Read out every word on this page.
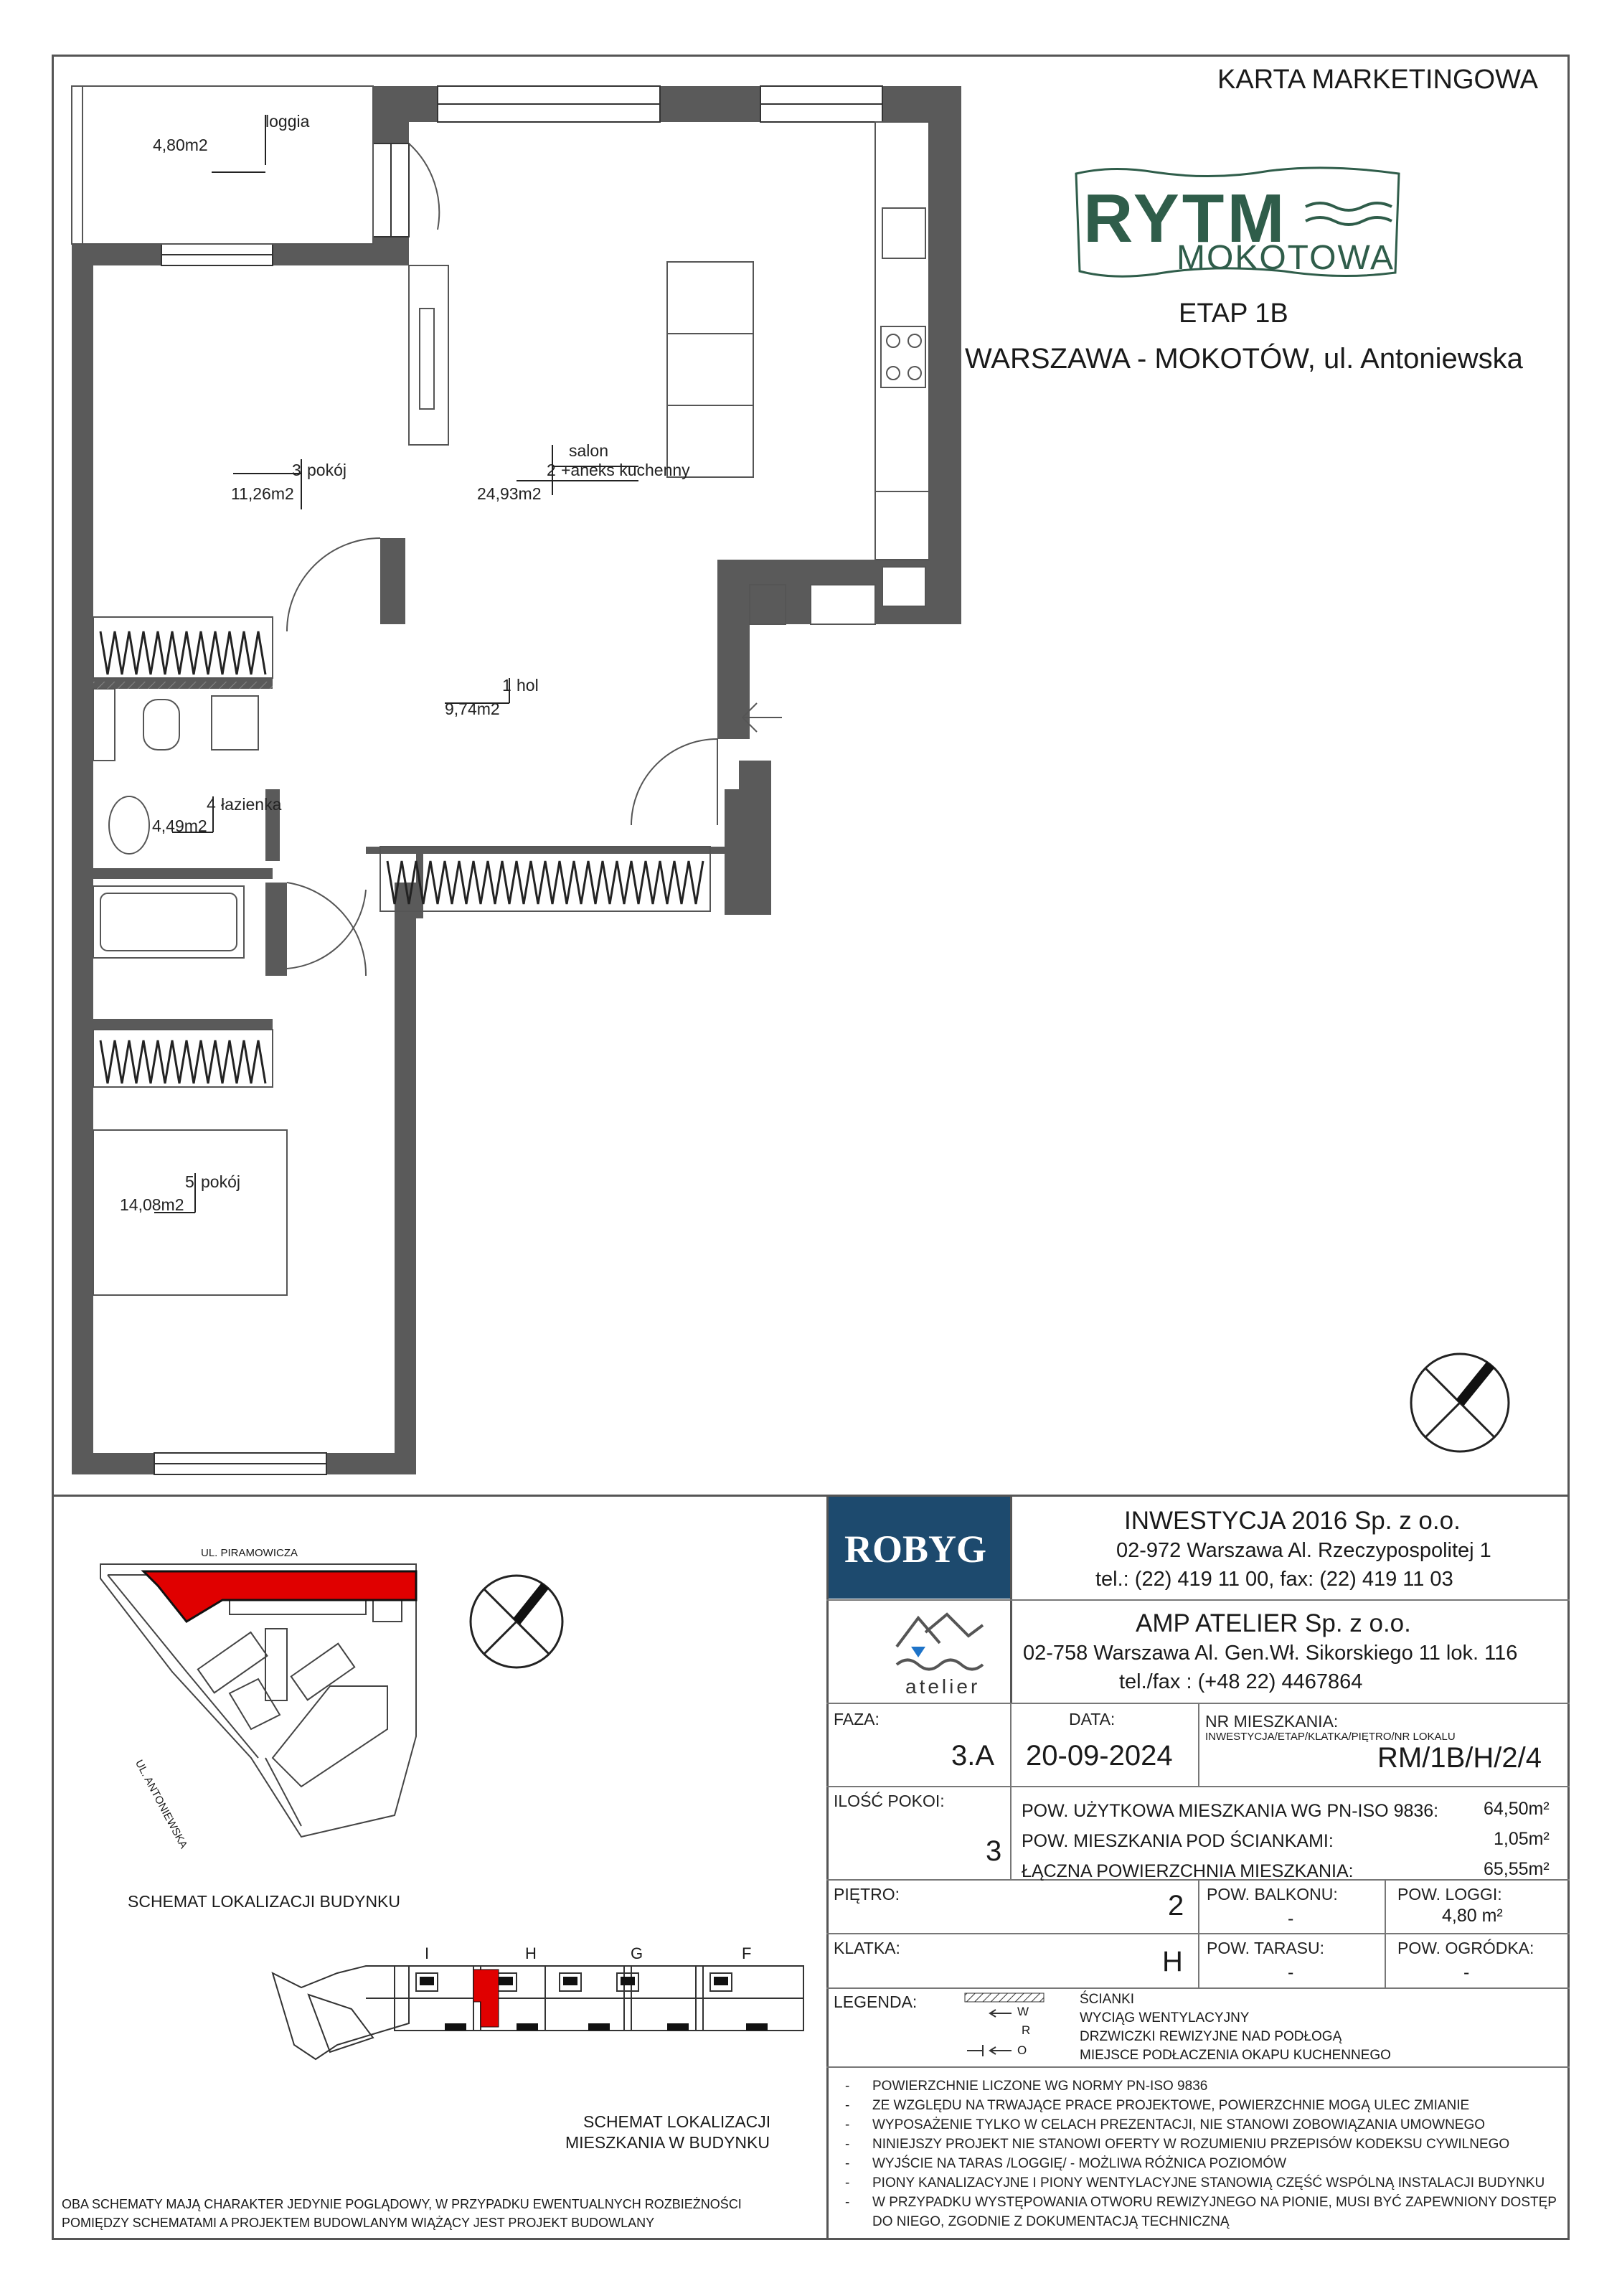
KARTA MARKETINGOWA
RYTM
MOKOTOWA
ETAP 1B
WARSZAWA - MOKOTÓW, ul. Antoniewska
loggia
4,80m2
3 pokój
11,26m2
salon
2 +aneks kuchenny
24,93m2
1 hol
9,74m2
4 łazienka
4,49m2
5 pokój
14,08m2
ROBYG
INWESTYCJA 2016 Sp. z o.o.
02-972 Warszawa Al. Rzeczypospolitej 1
tel.: (22) 419 11 00, fax: (22) 419 11 03
atelier
AMP ATELIER Sp. z o.o.
02-758 Warszawa Al. Gen.Wł. Sikorskiego 11 lok. 116
tel./fax : (+48 22) 4467864
FAZA:
3.A
DATA:
20-09-2024
NR MIESZKANIA:
INWESTYCJA/ETAP/KLATKA/PIĘTRO/NR LOKALU
RM/1B/H/2/4
ILOŚĆ POKOI:
3
POW. UŻYTKOWA MIESZKANIA WG PN-ISO 9836:	64,50m²
POW. MIESZKANIA POD ŚCIANKAMI:	1,05m²
ŁĄCZNA POWIERZCHNIA MIESZKANIA:	65,55m²
PIĘTRO:	2 POW. BALKONU:
-
POW. LOGGI:
4,80 m²
KLATKA:	H POW. TARASU:
-
POW. OGRÓDKA:
-
LEGENDA:
W
R
O
ŚCIANKI
WYCIĄG WENTYLACYJNY
DRZWICZKI REWIZYJNE NAD PODŁOGĄ
MIEJSCE PODŁACZENIA OKAPU KUCHENNEGO
- POWIERZCHNIE LICZONE WG NORMY PN-ISO 9836
- ZE WZGLĘDU NA TRWAJĄCE PRACE PROJEKTOWE, POWIERZCHNIE MOGĄ ULEC ZMIANIE
- WYPOSAŻENIE TYLKO W CELACH PREZENTACJI, NIE STANOWI ZOBOWIĄZANIA UMOWNEGO
- NINIEJSZY PROJEKT NIE STANOWI OFERTY W ROZUMIENIU PRZEPISÓW KODEKSU CYWILNEGO
- WYJŚCIE NA TARAS /LOGGIĘ/ - MOŻLIWA RÓŻNICA POZIOMÓW
- PIONY KANALIZACYJNE I PIONY WENTYLACYJNE STANOWIĄ CZĘŚĆ WSPÓLNĄ INSTALACJI BUDYNKU
- W PRZYPADKU WYSTĘPOWANIA OTWORU REWIZYJNEGO NA PIONIE, MUSI BYĆ ZAPEWNIONY DOSTĘP
DO NIEGO, ZGODNIE Z DOKUMENTACJĄ TECHNICZNĄ
UL. PIRAMOWICZA
UL. ANTONIEWSKA
SCHEMAT LOKALIZACJI BUDYNKU
I	H	G	F
SCHEMAT LOKALIZACJI
MIESZKANIA W BUDYNKU
OBA SCHEMATY MAJĄ CHARAKTER JEDYNIE POGLĄDOWY, W PRZYPADKU EWENTUALNYCH ROZBIEŻNOŚCI
POMIĘDZY SCHEMATAMI A PROJEKTEM BUDOWLANYM WIĄŻĄCY JEST PROJEKT BUDOWLANY
